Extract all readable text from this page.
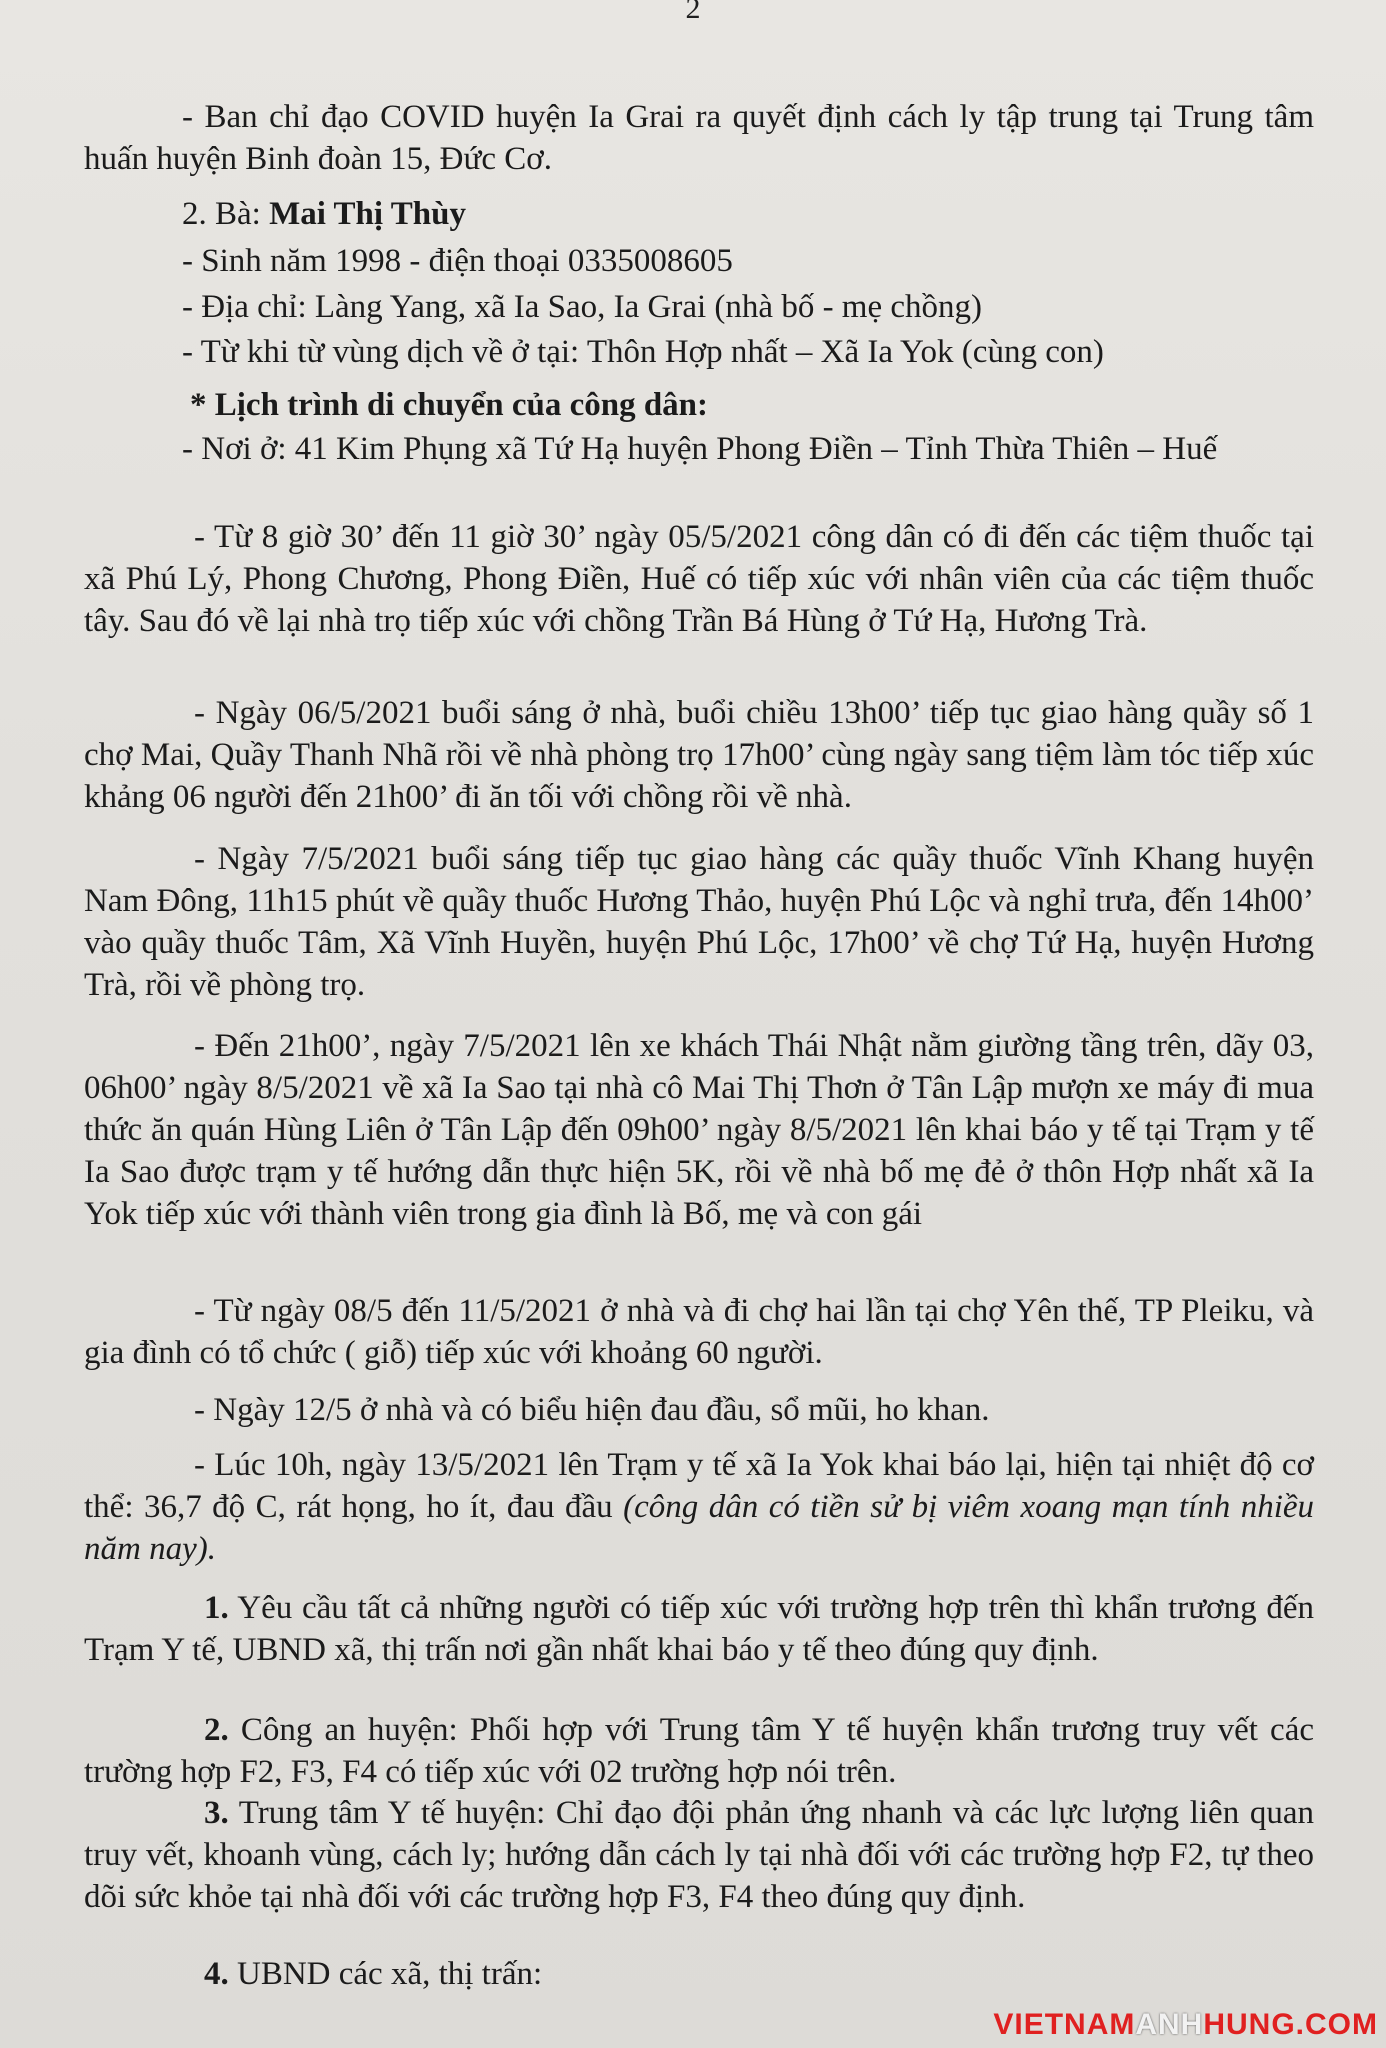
2

- Ban chỉ đạo COVID huyện Ia Grai ra quyết định cách ly tập trung tại Trung tâm huấn huyện Binh đoàn 15, Đức Cơ.

2. Bà: Mai Thị Thùy

- Sinh năm 1998 - điện thoại 0335008605

- Địa chỉ: Làng Yang, xã Ia Sao, Ia Grai (nhà bố - mẹ chồng)

- Từ khi từ vùng dịch về ở tại: Thôn Hợp nhất – Xã Ia Yok (cùng con)

* Lịch trình di chuyển của công dân:

- Nơi ở: 41 Kim Phụng xã Tứ Hạ huyện Phong Điền – Tỉnh Thừa Thiên – Huế

- Từ 8 giờ 30’ đến 11 giờ 30’ ngày 05/5/2021 công dân có đi đến các tiệm thuốc tại xã Phú Lý, Phong Chương, Phong Điền, Huế có tiếp xúc với nhân viên của các tiệm thuốc tây. Sau đó về lại nhà trọ tiếp xúc với chồng Trần Bá Hùng ở Tứ Hạ, Hương Trà.

- Ngày 06/5/2021 buổi sáng ở nhà, buổi chiều 13h00’ tiếp tục giao hàng quầy số 1 chợ Mai, Quầy Thanh Nhã rồi về nhà phòng trọ 17h00’ cùng ngày sang tiệm làm tóc tiếp xúc khảng 06 người đến 21h00’ đi ăn tối với chồng rồi về nhà.

- Ngày 7/5/2021 buổi sáng tiếp tục giao hàng các quầy thuốc Vĩnh Khang huyện Nam Đông, 11h15 phút về quầy thuốc Hương Thảo, huyện Phú Lộc và nghỉ trưa, đến 14h00’ vào quầy thuốc Tâm, Xã Vĩnh Huyền, huyện Phú Lộc, 17h00’ về chợ Tứ Hạ, huyện Hương Trà, rồi về phòng trọ.

- Đến 21h00’, ngày 7/5/2021 lên xe khách Thái Nhật nằm giường tầng trên, dãy 03, 06h00’ ngày 8/5/2021 về xã Ia Sao tại nhà cô Mai Thị Thơn ở Tân Lập mượn xe máy đi mua thức ăn quán Hùng Liên ở Tân Lập đến 09h00’ ngày 8/5/2021 lên khai báo y tế tại Trạm y tế Ia Sao được trạm y tế hướng dẫn thực hiện 5K, rồi về nhà bố mẹ đẻ ở thôn Hợp nhất xã Ia Yok tiếp xúc với thành viên trong gia đình là Bố, mẹ và con gái

- Từ ngày 08/5 đến 11/5/2021 ở nhà và đi chợ hai lần tại chợ Yên thế, TP Pleiku, và gia đình có tổ chức ( giỗ) tiếp xúc với khoảng 60 người.

- Ngày 12/5 ở nhà và có biểu hiện đau đầu, sổ mũi, ho khan.

- Lúc 10h, ngày 13/5/2021 lên Trạm y tế xã Ia Yok khai báo lại, hiện tại nhiệt độ cơ thể: 36,7 độ C, rát họng, ho ít, đau đầu (công dân có tiền sử bị viêm xoang mạn tính nhiều năm nay).

1. Yêu cầu tất cả những người có tiếp xúc với trường hợp trên thì khẩn trương đến Trạm Y tế, UBND xã, thị trấn nơi gần nhất khai báo y tế theo đúng quy định.

2. Công an huyện: Phối hợp với Trung tâm Y tế huyện khẩn trương truy vết các trường hợp F2, F3, F4 có tiếp xúc với 02 trường hợp nói trên.

3. Trung tâm Y tế huyện: Chỉ đạo đội phản ứng nhanh và các lực lượng liên quan truy vết, khoanh vùng, cách ly; hướng dẫn cách ly tại nhà đối với các trường hợp F2, tự theo dõi sức khỏe tại nhà đối với các trường hợp F3, F4 theo đúng quy định.

4. UBND các xã, thị trấn:

VIETNAMANHHUNG.COM
